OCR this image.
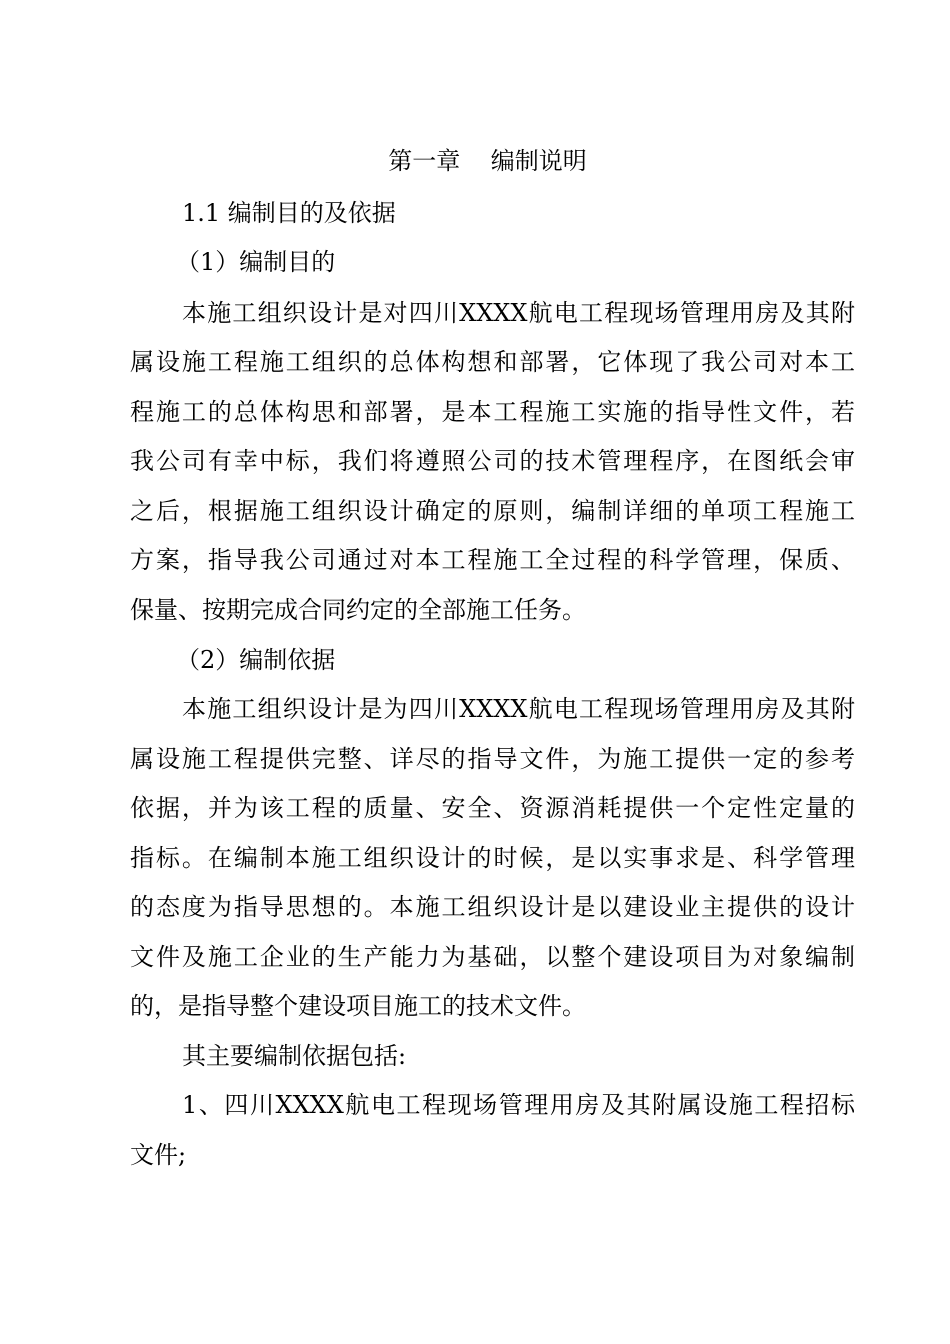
第一章    编制说明
1.1 编制目的及依据
（1）编制目的
本施工组织设计是对四川XXXX航电工程现场管理用房及其附
属设施工程施工组织的总体构想和部署，它体现了我公司对本工
程施工的总体构思和部署，是本工程施工实施的指导性文件，若
我公司有幸中标，我们将遵照公司的技术管理程序，在图纸会审
之后，根据施工组织设计确定的原则，编制详细的单项工程施工
方案，指导我公司通过对本工程施工全过程的科学管理，保质、
保量、按期完成合同约定的全部施工任务。
（2）编制依据
本施工组织设计是为四川XXXX航电工程现场管理用房及其附
属设施工程提供完整、详尽的指导文件，为施工提供一定的参考
依据，并为该工程的质量、安全、资源消耗提供一个定性定量的
指标。在编制本施工组织设计的时候，是以实事求是、科学管理
的态度为指导思想的。本施工组织设计是以建设业主提供的设计
文件及施工企业的生产能力为基础，以整个建设项目为对象编制
的，是指导整个建设项目施工的技术文件。
其主要编制依据包括:
1、四川XXXX航电工程现场管理用房及其附属设施工程招标
文件;
